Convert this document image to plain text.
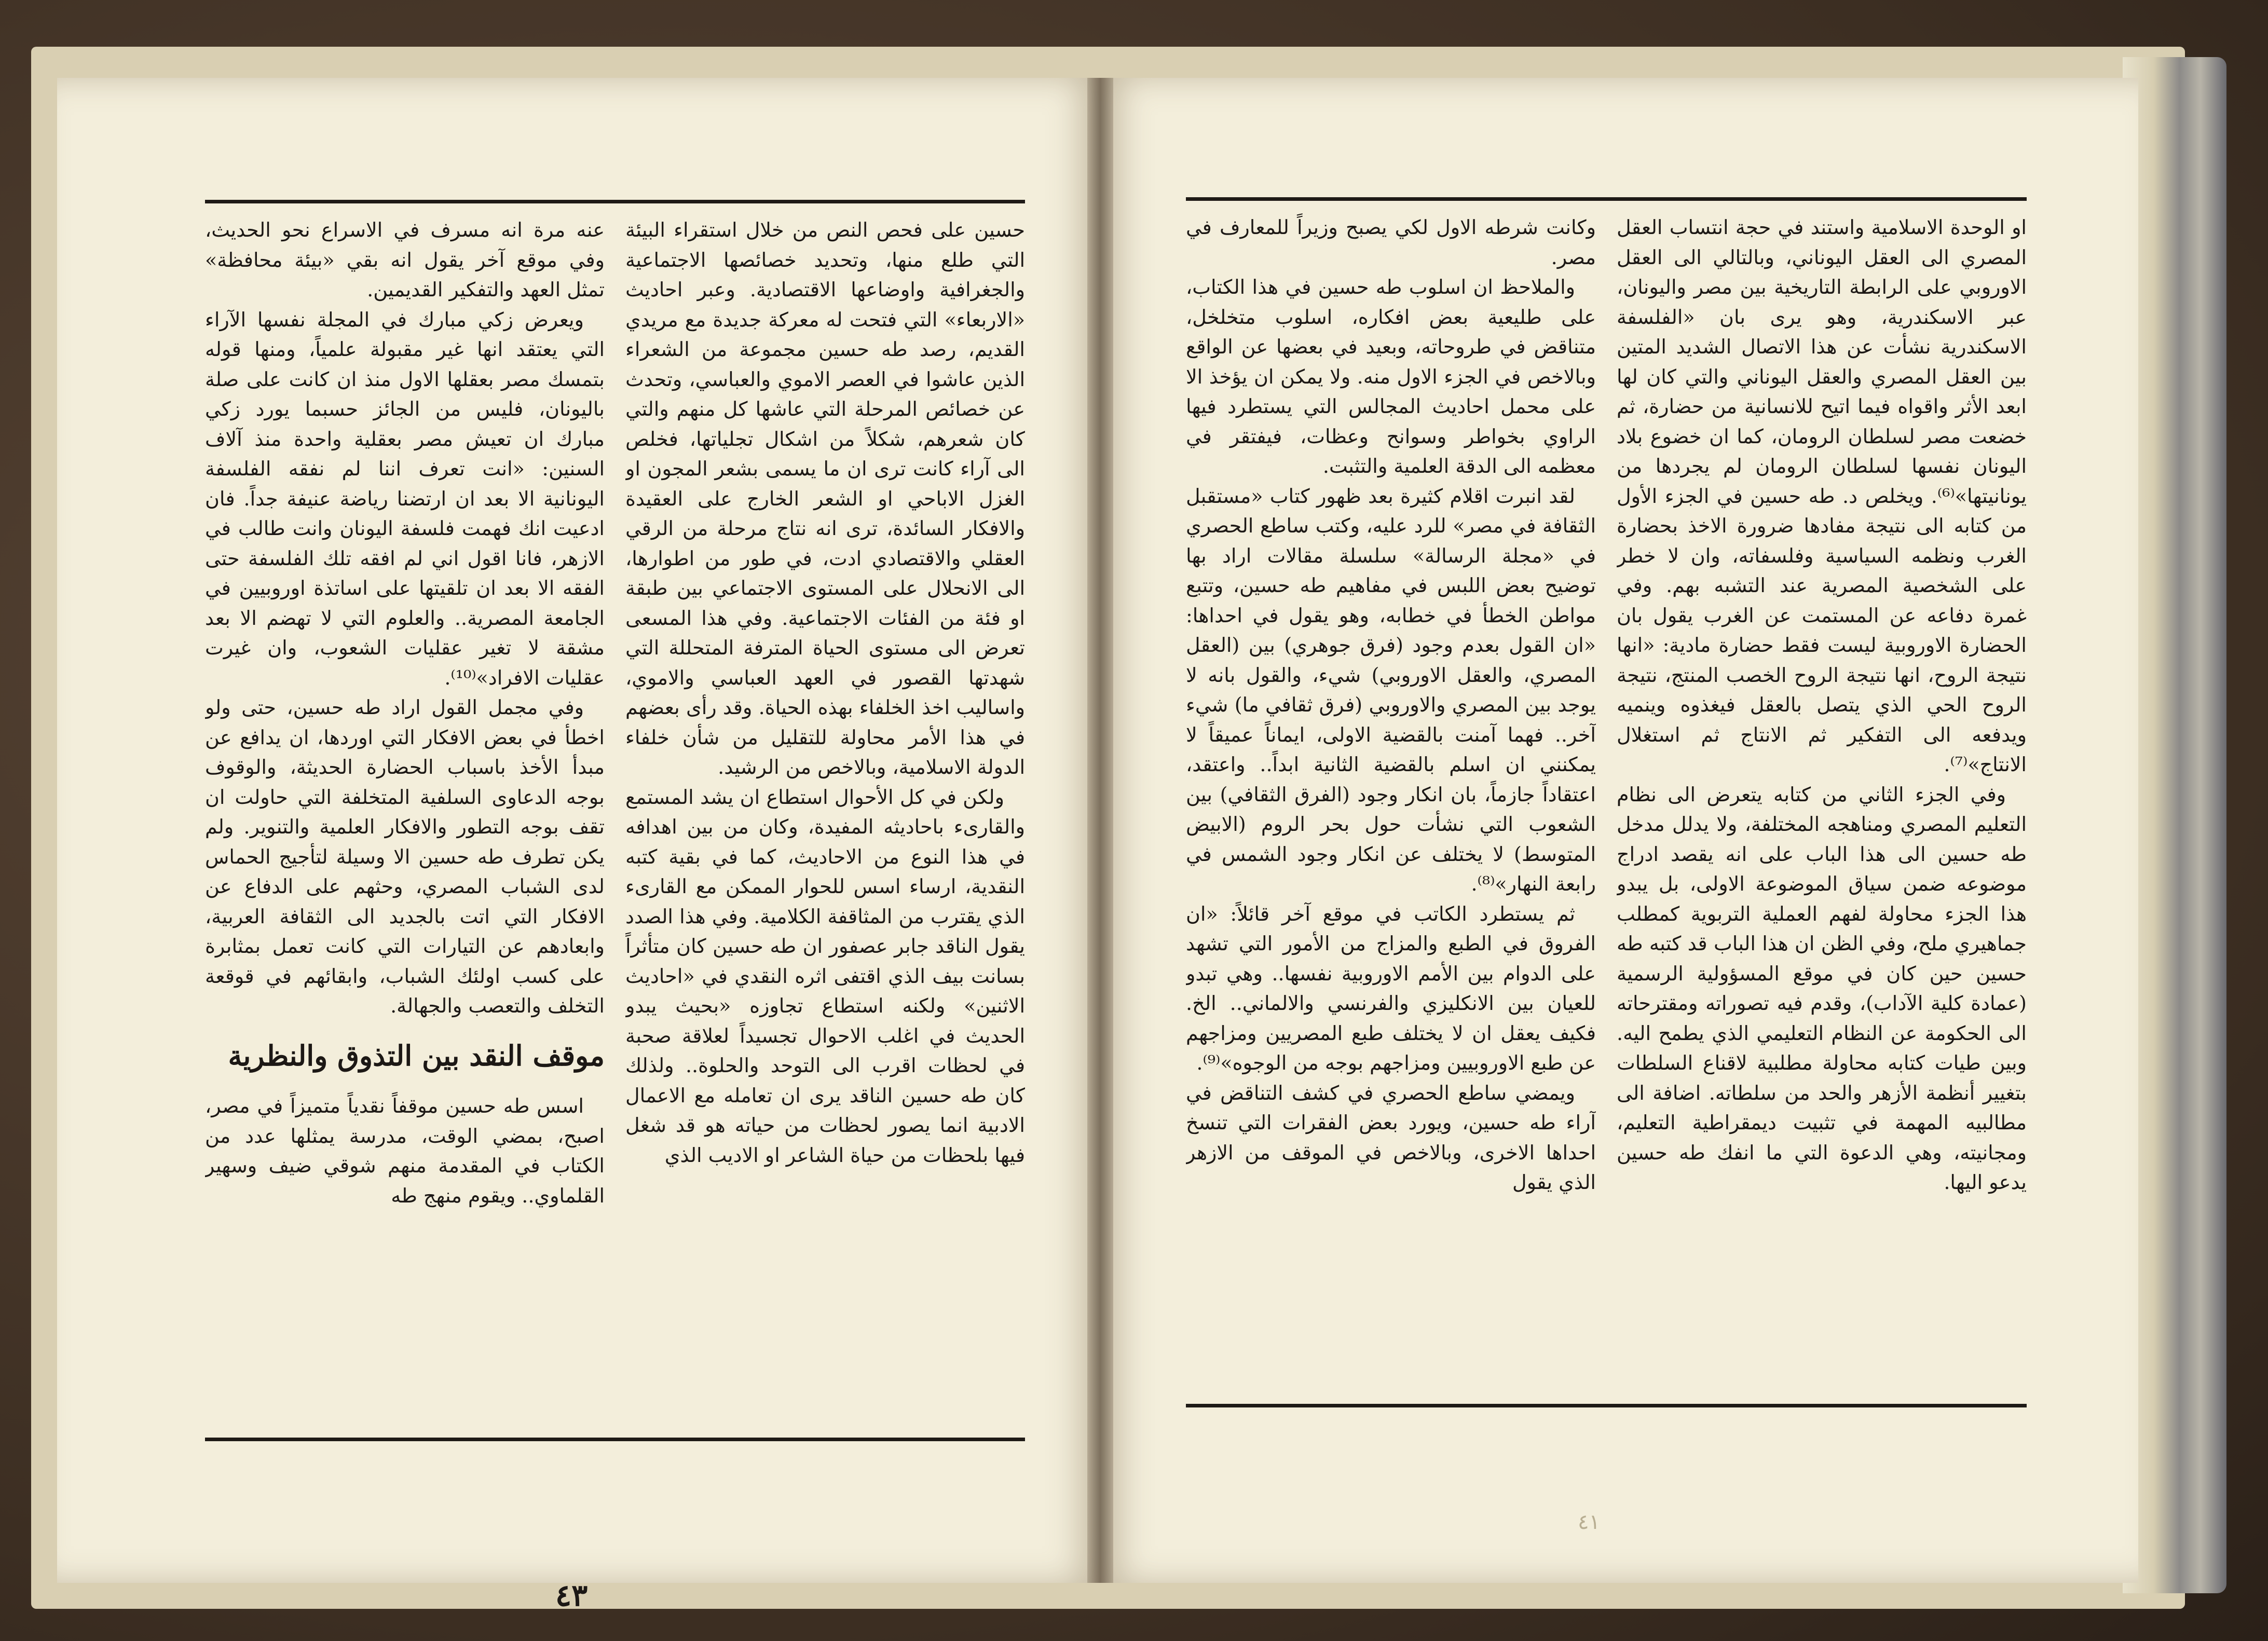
حسين على فحص النص من خلال استقراء البيئة التي طلع منها، وتحديد خصائصها الاجتماعية والجغرافية واوضاعها الاقتصادية. وعبر احاديث «الاربعاء» التي فتحت له معركة جديدة مع مريدي القديم، رصد طه حسين مجموعة من الشعراء الذين عاشوا في العصر الاموي والعباسي، وتحدث عن خصائص المرحلة التي عاشها كل منهم والتي كان شعرهم، شكلاً من اشكال تجلياتها، فخلص الى آراء كانت ترى ان ما يسمى بشعر المجون او الغزل الاباحي او الشعر الخارج على العقيدة والافكار السائدة، ترى انه نتاج مرحلة من الرقي العقلي والاقتصادي ادت، في طور من اطوارها، الى الانحلال على المستوى الاجتماعي بين طبقة او فئة من الفئات الاجتماعية. وفي هذا المسعى تعرض الى مستوى الحياة المترفة المتحللة التي شهدتها القصور في العهد العباسي والاموي، واساليب اخذ الخلفاء بهذه الحياة. وقد رأى بعضهم في هذا الأمر محاولة للتقليل من شأن خلفاء الدولة الاسلامية، وبالاخص من الرشيد.

ولكن في كل الأحوال استطاع ان يشد المستمع والقارىء باحاديثه المفيدة، وكان من بين اهدافه في هذا النوع من الاحاديث، كما في بقية كتبه النقدية، ارساء اسس للحوار الممكن مع القارىء الذي يقترب من المثاقفة الكلامية. وفي هذا الصدد يقول الناقد جابر عصفور ان طه حسين كان متأثراً بسانت بيف الذي اقتفى اثره النقدي في «احاديث الاثنين» ولكنه استطاع تجاوزه «بحيث يبدو الحديث في اغلب الاحوال تجسيداً لعلاقة صحبة في لحظات اقرب الى التوحد والحلوة.. ولذلك كان طه حسين الناقد يرى ان تعامله مع الاعمال الادبية انما يصور لحظات من حياته هو قد شغل فيها بلحظات من حياة الشاعر او الاديب الذي

عنه مرة انه مسرف في الاسراع نحو الحديث، وفي موقع آخر يقول انه بقي «بيئة محافظة» تمثل العهد والتفكير القديمين.

ويعرض زكي مبارك في المجلة نفسها الآراء التي يعتقد انها غير مقبولة علمياً، ومنها قوله بتمسك مصر بعقلها الاول منذ ان كانت على صلة باليونان، فليس من الجائز حسبما يورد زكي مبارك ان تعيش مصر بعقلية واحدة منذ آلاف السنين: «انت تعرف اننا لم نفقه الفلسفة اليونانية الا بعد ان ارتضنا رياضة عنيفة جداً. فان ادعيت انك فهمت فلسفة اليونان وانت طالب في الازهر، فانا اقول اني لم افقه تلك الفلسفة حتى الفقه الا بعد ان تلقيتها على اساتذة اوروبيين في الجامعة المصرية.. والعلوم التي لا تهضم الا بعد مشقة لا تغير عقليات الشعوب، وان غيرت عقليات الافراد»⁽¹⁰⁾.

وفي مجمل القول اراد طه حسين، حتى ولو اخطأ في بعض الافكار التي اوردها، ان يدافع عن مبدأ الأخذ باسباب الحضارة الحديثة، والوقوف بوجه الدعاوى السلفية المتخلفة التي حاولت ان تقف بوجه التطور والافكار العلمية والتنوير. ولم يكن تطرف طه حسين الا وسيلة لتأجيج الحماس لدى الشباب المصري، وحثهم على الدفاع عن الافكار التي اتت بالجديد الى الثقافة العربية، وابعادهم عن التيارات التي كانت تعمل بمثابرة على كسب اولئك الشباب، وابقائهم في قوقعة التخلف والتعصب والجهالة.

موقف النقد بين التذوق والنظرية

اسس طه حسين موقفاً نقدياً متميزاً في مصر، اصبح، بمضي الوقت، مدرسة يمثلها عدد من الكتاب في المقدمة منهم شوقي ضيف وسهير القلماوي.. ويقوم منهج طه

٤٣

وكانت شرطه الاول لكي يصبح وزيراً للمعارف في مصر.

والملاحظ ان اسلوب طه حسين في هذا الكتاب، على طليعية بعض افكاره، اسلوب متخلخل، متناقض في طروحاته، وبعيد في بعضها عن الواقع وبالاخص في الجزء الاول منه. ولا يمكن ان يؤخذ الا على محمل احاديث المجالس التي يستطرد فيها الراوي بخواطر وسوانح وعظات، فيفتقر في معظمه الى الدقة العلمية والتثبت.

لقد انبرت اقلام كثيرة بعد ظهور كتاب «مستقبل الثقافة في مصر» للرد عليه، وكتب ساطع الحصري في «مجلة الرسالة» سلسلة مقالات اراد بها توضيح بعض اللبس في مفاهيم طه حسين، وتتبع مواطن الخطأ في خطابه، وهو يقول في احداها: «ان القول بعدم وجود (فرق جوهري) بين (العقل المصري، والعقل الاوروبي) شيء، والقول بانه لا يوجد بين المصري والاوروبي (فرق ثقافي ما) شيء آخر.. فهما آمنت بالقضية الاولى، ايماناً عميقاً لا يمكنني ان اسلم بالقضية الثانية ابداً.. واعتقد، اعتقاداً جازماً، بان انكار وجود (الفرق الثقافي) بين الشعوب التي نشأت حول بحر الروم (الابيض المتوسط) لا يختلف عن انكار وجود الشمس في رابعة النهار»⁽⁸⁾.

ثم يستطرد الكاتب في موقع آخر قائلاً: «ان الفروق في الطبع والمزاج من الأمور التي تشهد على الدوام بين الأمم الاوروبية نفسها.. وهي تبدو للعيان بين الانكليزي والفرنسي والالماني.. الخ. فكيف يعقل ان لا يختلف طبع المصريين ومزاجهم عن طبع الاوروبيين ومزاجهم بوجه من الوجوه»⁽⁹⁾.

ويمضي ساطع الحصري في كشف التناقض في آراء طه حسين، ويورد بعض الفقرات التي تنسخ احداها الاخرى، وبالاخص في الموقف من الازهر الذي يقول

او الوحدة الاسلامية واستند في حجة انتساب العقل المصري الى العقل اليوناني، وبالتالي الى العقل الاوروبي على الرابطة التاريخية بين مصر واليونان، عبر الاسكندرية، وهو يرى بان «الفلسفة الاسكندرية نشأت عن هذا الاتصال الشديد المتين بين العقل المصري والعقل اليوناني والتي كان لها ابعد الأثر واقواه فيما اتيح للانسانية من حضارة، ثم خضعت مصر لسلطان الرومان، كما ان خضوع بلاد اليونان نفسها لسلطان الرومان لم يجردها من يونانيتها»⁽⁶⁾. ويخلص د. طه حسين في الجزء الأول من كتابه الى نتيجة مفادها ضرورة الاخذ بحضارة الغرب ونظمه السياسية وفلسفاته، وان لا خطر على الشخصية المصرية عند التشبه بهم. وفي غمرة دفاعه عن المستمت عن الغرب يقول بان الحضارة الاوروبية ليست فقط حضارة مادية: «انها نتيجة الروح، انها نتيجة الروح الخصب المنتج، نتيجة الروح الحي الذي يتصل بالعقل فيغذوه وينميه ويدفعه الى التفكير ثم الانتاج ثم استغلال الانتاج»⁽⁷⁾.

وفي الجزء الثاني من كتابه يتعرض الى نظام التعليم المصري ومناهجه المختلفة، ولا يدلل مدخل طه حسين الى هذا الباب على انه يقصد ادراج موضوعه ضمن سياق الموضوعة الاولى، بل يبدو هذا الجزء محاولة لفهم العملية التربوية كمطلب جماهيري ملح، وفي الظن ان هذا الباب قد كتبه طه حسين حين كان في موقع المسؤولية الرسمية (عمادة كلية الآداب)، وقدم فيه تصوراته ومقترحاته الى الحكومة عن النظام التعليمي الذي يطمح اليه. وبين طيات كتابه محاولة مطلبية لاقناع السلطات بتغيير أنظمة الأزهر والحد من سلطاته. اضافة الى مطالبيه المهمة في تثبيت ديمقراطية التعليم، ومجانيته، وهي الدعوة التي ما انفك طه حسين يدعو اليها.

٤١
